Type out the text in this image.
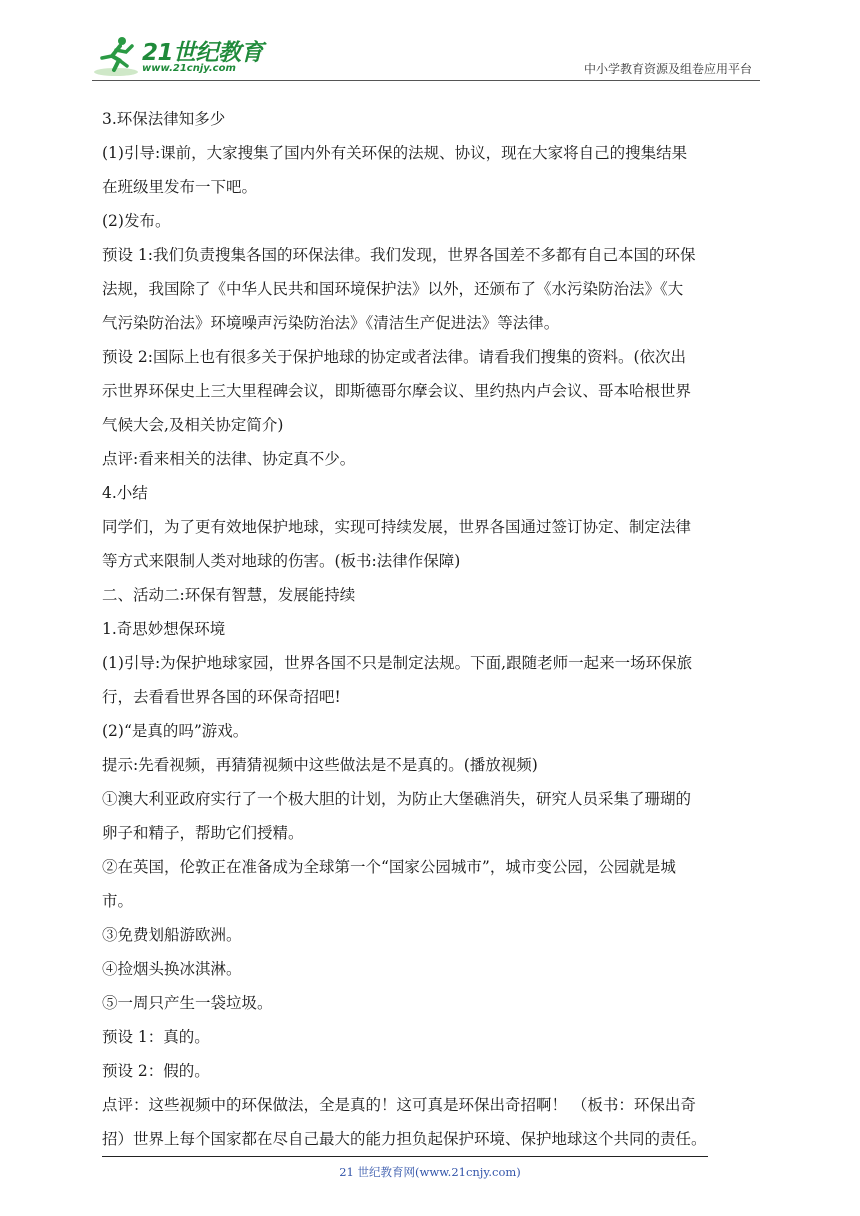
21世纪教育
www.21cnjy.com	中小学教育资源及组卷应用平台
3.环保法律知多少
(1)引导:课前，大家搜集了国内外有关环保的法规、协议，现在大家将自己的搜集结果
在班级里发布一下吧。
(2)发布。
预设 1:我们负责搜集各国的环保法律。我们发现，世界各国差不多都有自己本国的环保
法规，我国除了《中华人民共和国环境保护法》以外，还颁布了《水污染防治法》《大
气污染防治法》环境噪声污染防治法》《清洁生产促进法》等法律。
预设 2:国际上也有很多关于保护地球的协定或者法律。请看我们搜集的资料。(依次出
示世界环保史上三大里程碑会议，即斯德哥尔摩会议、里约热内卢会议、哥本哈根世界
气候大会,及相关协定简介)
点评:看来相关的法律、协定真不少。
4.小结
同学们，为了更有效地保护地球，实现可持续发展，世界各国通过签订协定、制定法律
等方式来限制人类对地球的伤害。(板书:法律作保障)
二、活动二:环保有智慧，发展能持续
1.奇思妙想保环境
(1)引导:为保护地球家园，世界各国不只是制定法规。下面,跟随老师一起来一场环保旅
行，去看看世界各国的环保奇招吧!
(2)“是真的吗”游戏。
提示:先看视频，再猜猜视频中这些做法是不是真的。(播放视频)
①澳大利亚政府实行了一个极大胆的计划，为防止大堡礁消失，研究人员采集了珊瑚的
卵子和精子，帮助它们授精。
②在英国，伦敦正在准备成为全球第一个“国家公园城市”，城市变公园，公园就是城
市。
③免费划船游欧洲。
④捡烟头换冰淇淋。
⑤一周只产生一袋垃圾。
预设 1：真的。
预设 2：假的。
点评：这些视频中的环保做法，全是真的！这可真是环保出奇招啊！ （板书：环保出奇
招）世界上每个国家都在尽自己最大的能力担负起保护环境、保护地球这个共同的责任。
21 世纪教育网(www.21cnjy.com)
